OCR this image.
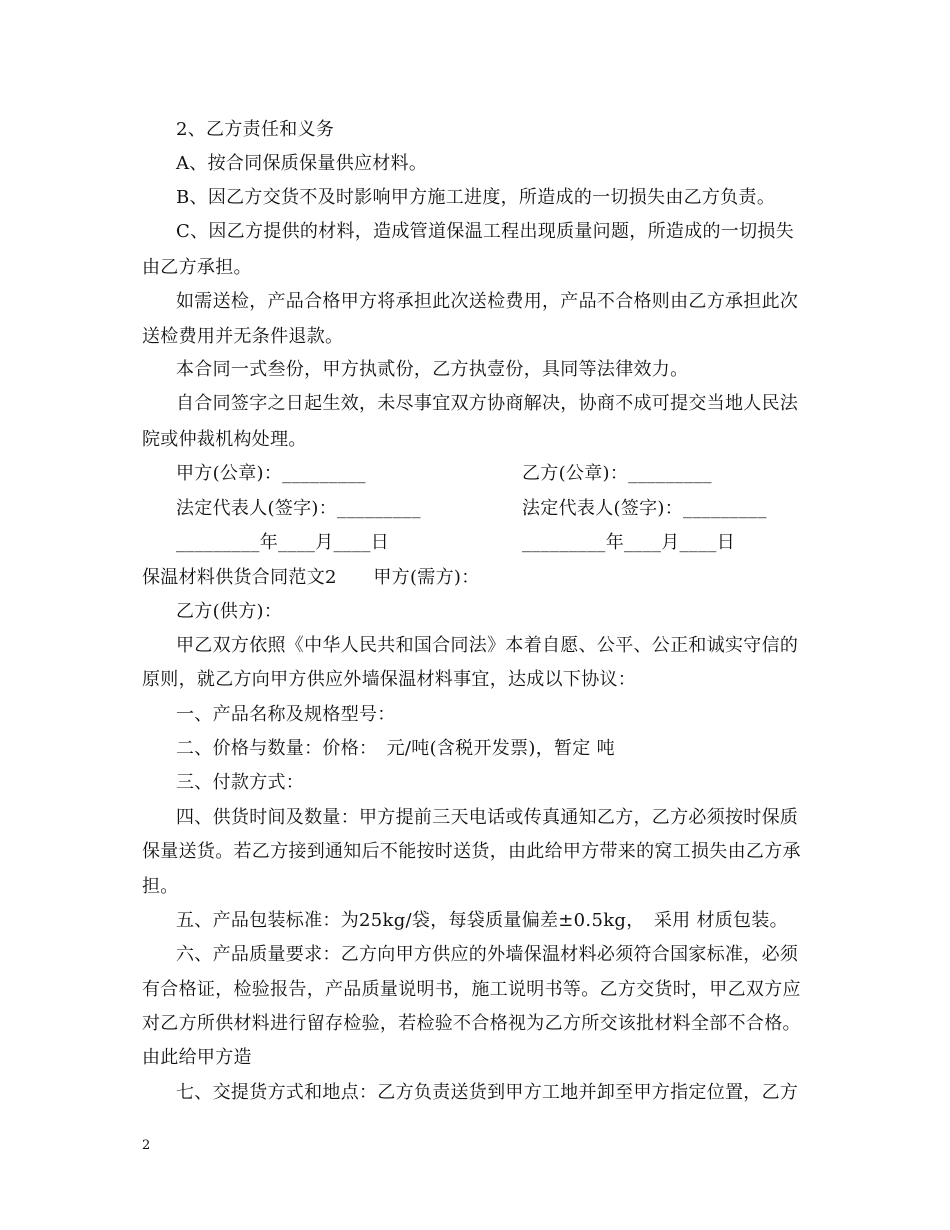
2、乙方责任和义务
A、按合同保质保量供应材料。
B、因乙方交货不及时影响甲方施工进度，所造成的一切损失由乙方负责。
C、因乙方提供的材料，造成管道保温工程出现质量问题，所造成的一切损失
由乙方承担。
如需送检，产品合格甲方将承担此次送检费用，产品不合格则由乙方承担此次
送检费用并无条件退款。
本合同一式叁份，甲方执贰份，乙方执壹份，具同等法律效力。
自合同签字之日起生效，未尽事宜双方协商解决，协商不成可提交当地人民法
院或仲裁机构处理。
甲方(公章)：_________	乙方(公章)：_________
法定代表人(签字)：_________	法定代表人(签字)：_________
_________年____月____日	_________年____月____日
保温材料供货合同范文2　　甲方(需方)：
乙方(供方)：
甲乙双方依照《中华人民共和国合同法》本着自愿、公平、公正和诚实守信的
原则，就乙方向甲方供应外墙保温材料事宜，达成以下协议：
一、产品名称及规格型号：
二、价格与数量：价格：　元/吨(含税开发票)，暂定 吨
三、付款方式：
四、供货时间及数量：甲方提前三天电话或传真通知乙方，乙方必须按时保质
保量送货。若乙方接到通知后不能按时送货，由此给甲方带来的窝工损失由乙方承
担。
五、产品包装标准：为25kg/袋，每袋质量偏差±0.5kg，　采用 材质包装。
六、产品质量要求：乙方向甲方供应的外墙保温材料必须符合国家标准，必须
有合格证，检验报告，产品质量说明书，施工说明书等。乙方交货时，甲乙双方应
对乙方所供材料进行留存检验，若检验不合格视为乙方所交该批材料全部不合格。
由此给甲方造
七、交提货方式和地点：乙方负责送货到甲方工地并卸至甲方指定位置，乙方
2
